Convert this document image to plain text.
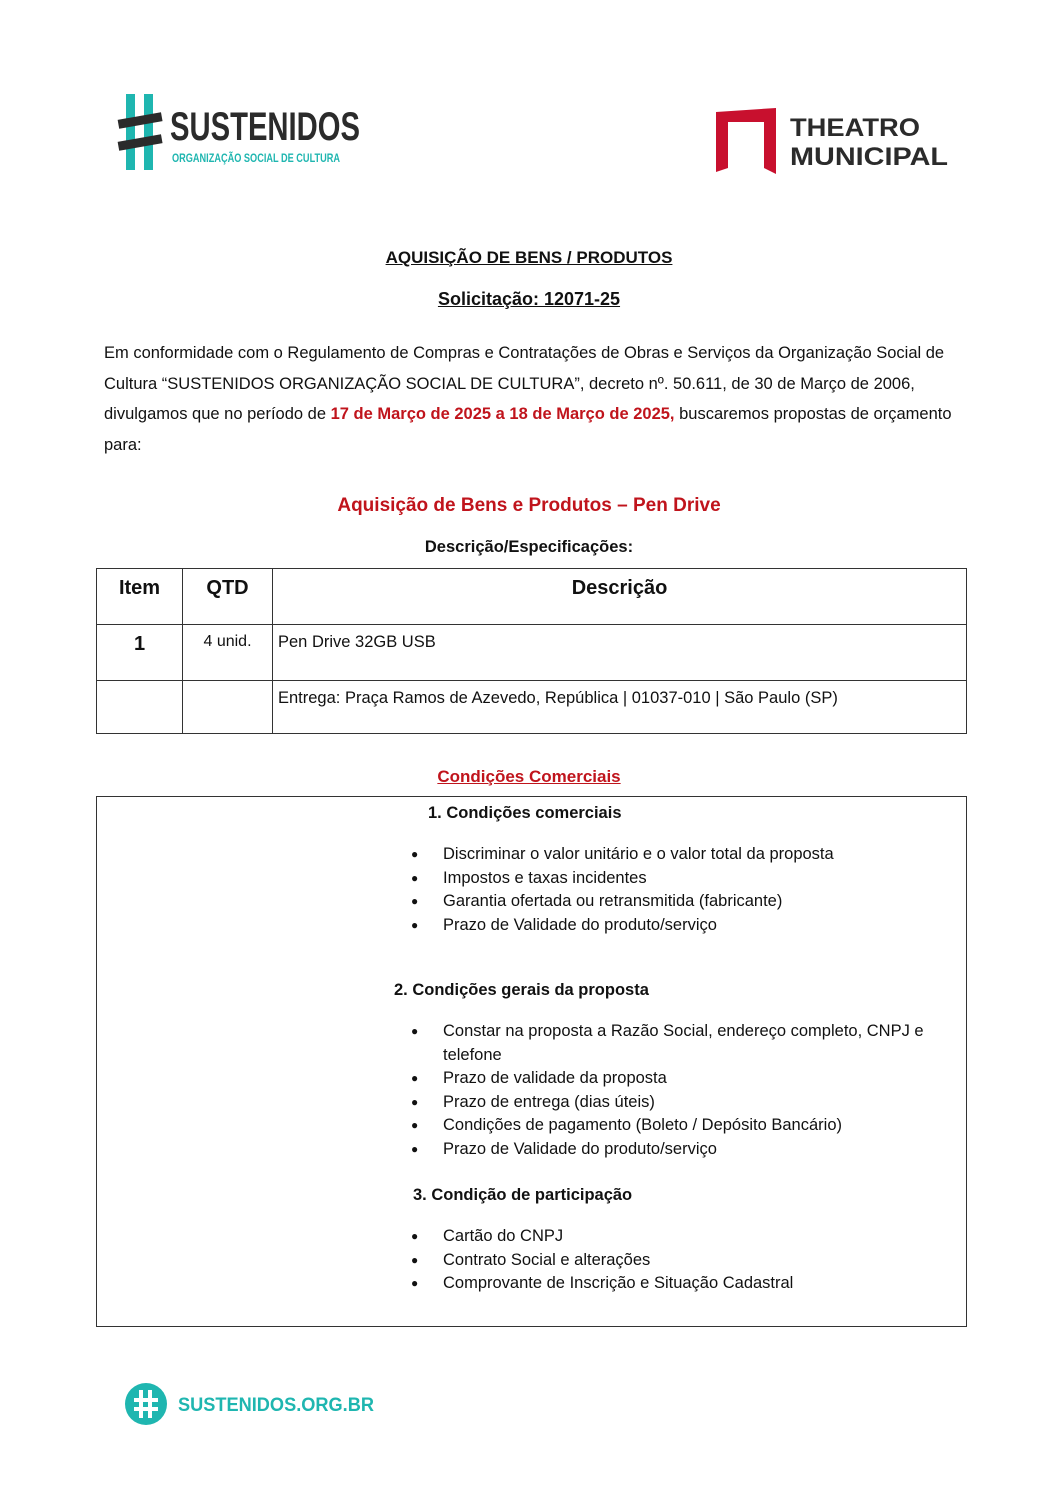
SUSTENIDOS
ORGANIZAÇÃO SOCIAL DE CULTURA
THEATRO
MUNICIPAL
AQUISIÇÃO DE BENS / PRODUTOS
Solicitação: 12071-25
Em conformidade com o Regulamento de Compras e Contratações de Obras e Serviços da Organização Social de Cultura “SUSTENIDOS ORGANIZAÇÃO SOCIAL DE CULTURA”, decreto nº. 50.611, de 30 de Março de 2006, divulgamos que no período de 17 de Março de 2025 a 18 de Março de 2025, buscaremos propostas de orçamento para:
Aquisição de Bens e Produtos – Pen Drive
Descrição/Especificações:
Item	QTD	Descrição
1	4 unid.	Pen Drive 32GB USB
		Entrega: Praça Ramos de Azevedo, República | 01037-010 | São Paulo (SP)
Condições Comerciais
1. Condições comerciais
● Discriminar o valor unitário e o valor total da proposta
● Impostos e taxas incidentes
● Garantia ofertada ou retransmitida (fabricante)
● Prazo de Validade do produto/serviço
2. Condições gerais da proposta
● Constar na proposta a Razão Social, endereço completo, CNPJ e telefone
● Prazo de validade da proposta
● Prazo de entrega (dias úteis)
● Condições de pagamento (Boleto / Depósito Bancário)
● Prazo de Validade do produto/serviço
3. Condição de participação
● Cartão do CNPJ
● Contrato Social e alterações
● Comprovante de Inscrição e Situação Cadastral
SUSTENIDOS.ORG.BR
